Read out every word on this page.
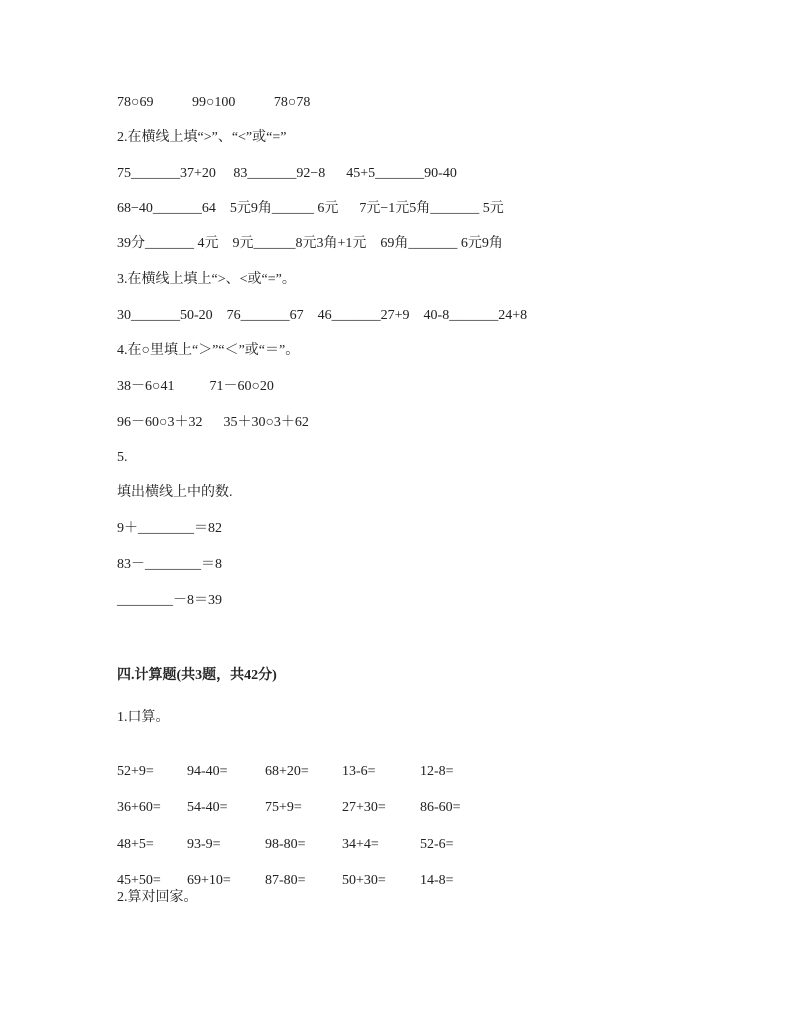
78○69           99○100           78○78
2.在横线上填“>”、“<”或“=”
75_______37+20     83_______92−8      45+5_______90-40
68−40_______64    5元9角______ 6元      7元−1元5角_______ 5元
39分_______ 4元    9元______8元3角+1元    69角_______ 6元9角
3.在横线上填上“>、<或“=”。
30_______50-20    76_______67    46_______27+9    40-8_______24+8
4.在○里填上“＞”“＜”或“＝”。
38－6○41          71－60○20
96－60○3＋32      35＋30○3＋62
5.
填出横线上中的数.
9＋________＝82
83－________＝8
________－8＝39
四.计算题(共3题，共42分)
1.口算。
52+9= 94-40=	68+20= 13-6=	12-8=
36+60= 54-40=	75+9=	27+30= 86-60=
48+5= 93-9=	98-80=	34+4=	52-6=
45+50= 69+10= 87-80=	50+30= 14-8=
2.算对回家。
